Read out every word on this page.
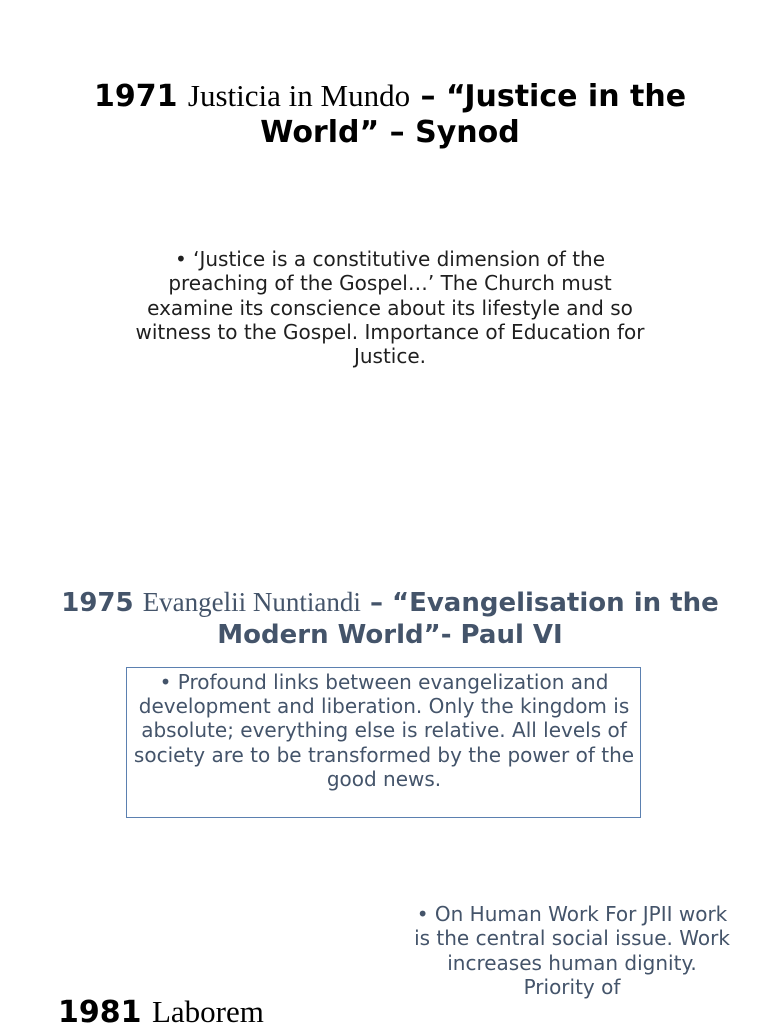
1971 Justicia in Mundo – “Justice in the World” – Synod
• ‘Justice is a constitutive dimension of the preaching of the Gospel…’ The Church must examine its conscience about its lifestyle and so witness to the Gospel. Importance of Education for Justice.
1975 Evangelii Nuntiandi – “Evangelisation in the Modern World”- Paul VI
• Profound links between evangelization and development and liberation. Only the kingdom is absolute; everything else is relative. All levels of society are to be transformed by the power of the good news.
• On Human Work For JPII work is the central social issue. Work increases human dignity. Priority of
1981 Laborem
